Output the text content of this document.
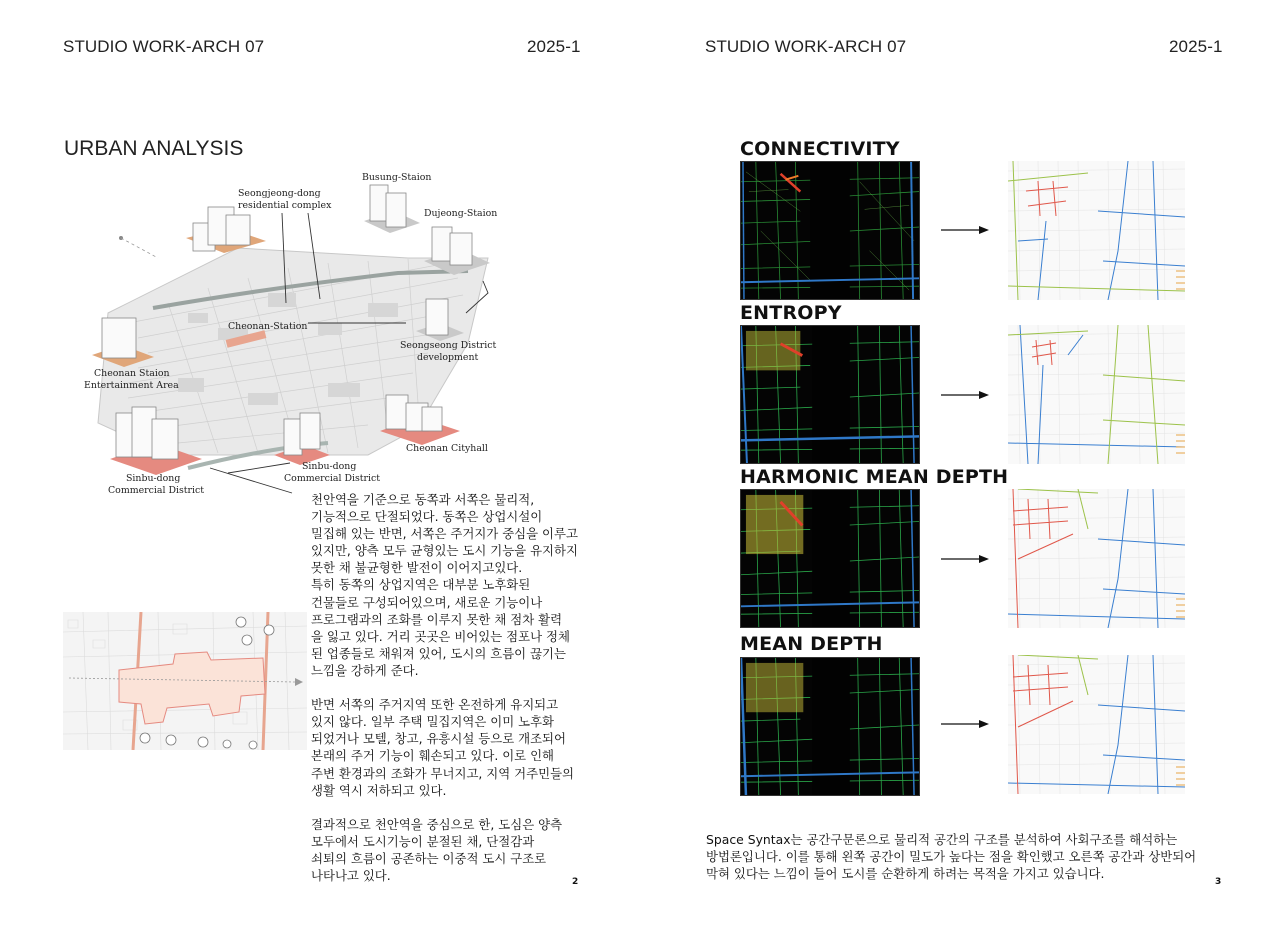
STUDIO WORK-ARCH 07	2025-1
URBAN ANALYSIS
Seongjeong-dong residential complex
Busung-Staion
Dujeong-Staion
Cheonan-Station
Seongseong District development
Cheonan Staion Entertainment Area
Cheonan Cityhall
Sinbu-dong Commercial District
Sinbu-dong Commercial District
천안역을 기준으로 동쪽과 서쪽은 물리적,
기능적으로 단절되었다. 동쪽은 상업시설이
밀집해 있는 반면, 서쪽은 주거지가 중심을 이루고
있지만, 양측 모두 균형있는 도시 기능을 유지하지
못한 채 불균형한 발전이 이어지고있다.
특히 동쪽의 상업지역은 대부분 노후화된
건물들로 구성되어있으며, 새로운 기능이나
프로그램과의 조화를 이루지 못한 채 점차 활력
을 잃고 있다. 거리 곳곳은 비어있는 점포나 정체
된 업종들로 채워져 있어, 도시의 흐름이 끊기는
느낌을 강하게 준다.

반면 서쪽의 주거지역 또한 온전하게 유지되고
있지 않다. 일부 주택 밀집지역은 이미 노후화
되었거나 모텔, 창고, 유흥시설 등으로 개조되어
본래의 주거 기능이 훼손되고 있다. 이로 인해
주변 환경과의 조화가 무너지고, 지역 거주민들의
생활 역시 저하되고 있다.

결과적으로 천안역을 중심으로 한, 도심은 양측
모두에서 도시기능이 분절된 채, 단절감과
쇠퇴의 흐름이 공존하는 이중적 도시 구조로
나타나고 있다.	2
STUDIO WORK-ARCH 07	2025-1
CONNECTIVITY
ENTROPY
HARMONIC MEAN DEPTH
MEAN DEPTH
Space Syntax는 공간구문론으로 물리적 공간의 구조를 분석하여 사회구조를 해석하는
방법론입니다. 이를 통해 왼쪽 공간이 밀도가 높다는 점을 확인했고 오른쪽 공간과 상반되어
막혀 있다는 느낌이 들어 도시를 순환하게 하려는 목적을 가지고 있습니다.
3
